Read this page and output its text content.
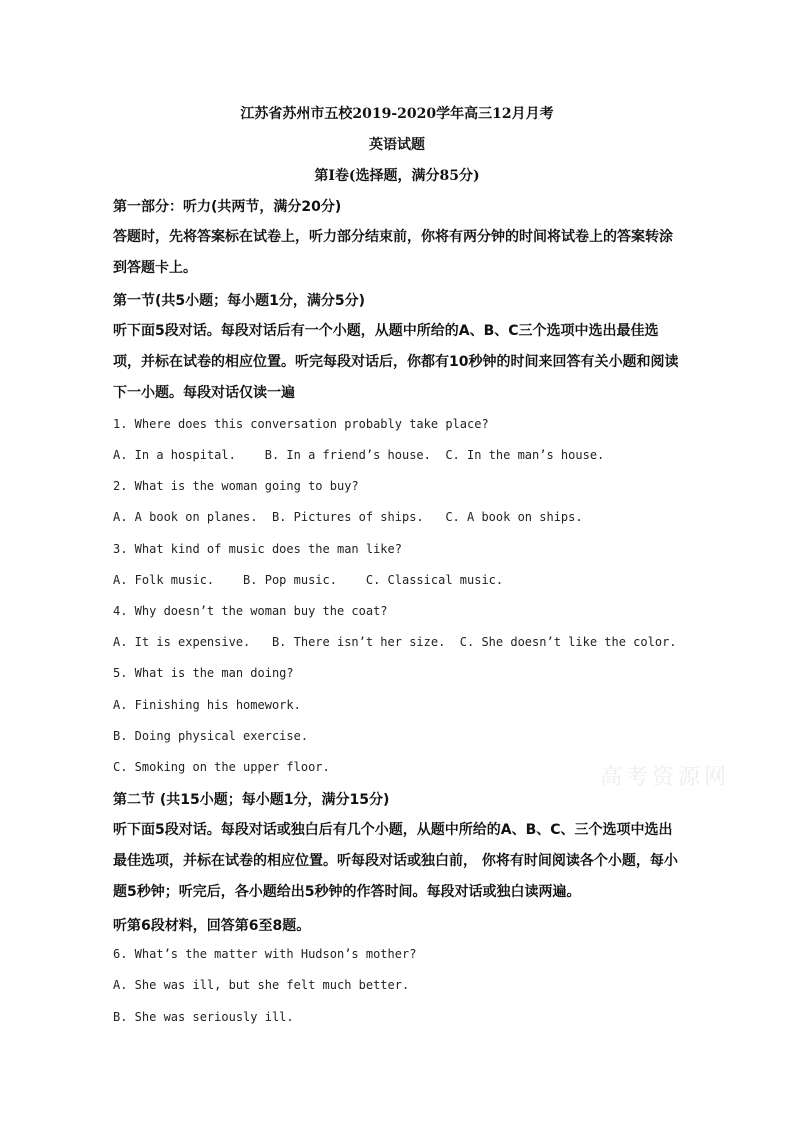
江苏省苏州市五校2019-2020学年高三12月月考
英语试题
第I卷(选择题，满分85分)
第一部分：听力(共两节，满分20分)
答题时，先将答案标在试卷上，听力部分结束前，你将有两分钟的时间将试卷上的答案转涂到答题卡上。
第一节(共5小题；每小题1分，满分5分)
听下面5段对话。每段对话后有一个小题，从题中所给的A、B、C三个选项中选出最佳选项，并标在试卷的相应位置。听完每段对话后，你都有10秒钟的时间来回答有关小题和阅读下一小题。每段对话仅读一遍
1. Where does this conversation probably take place?
A. In a hospital.    B. In a friend’s house.  C. In the man’s house.
2. What is the woman going to buy?
A. A book on planes.  B. Pictures of ships.   C. A book on ships.
3. What kind of music does the man like?
A. Folk music.    B. Pop music.    C. Classical music.
4. Why doesn’t the woman buy the coat?
A. It is expensive.   B. There isn’t her size.  C. She doesn’t like the color.
5. What is the man doing?
A. Finishing his homework.
B. Doing physical exercise.
C. Smoking on the upper floor.	高考资源网
第二节 (共15小题；每小题1分，满分15分)
听下面5段对话。每段对话或独白后有几个小题，从题中所给的A、B、C、三个选项中选出最佳选项，并标在试卷的相应位置。听每段对话或独白前， 你将有时间阅读各个小题，每小题5秒钟；听完后，各小题给出5秒钟的作答时间。每段对话或独白读两遍。
听第6段材料，回答第6至8题。
6. What’s the matter with Hudson’s mother?
A. She was ill, but she felt much better.
B. She was seriously ill.
